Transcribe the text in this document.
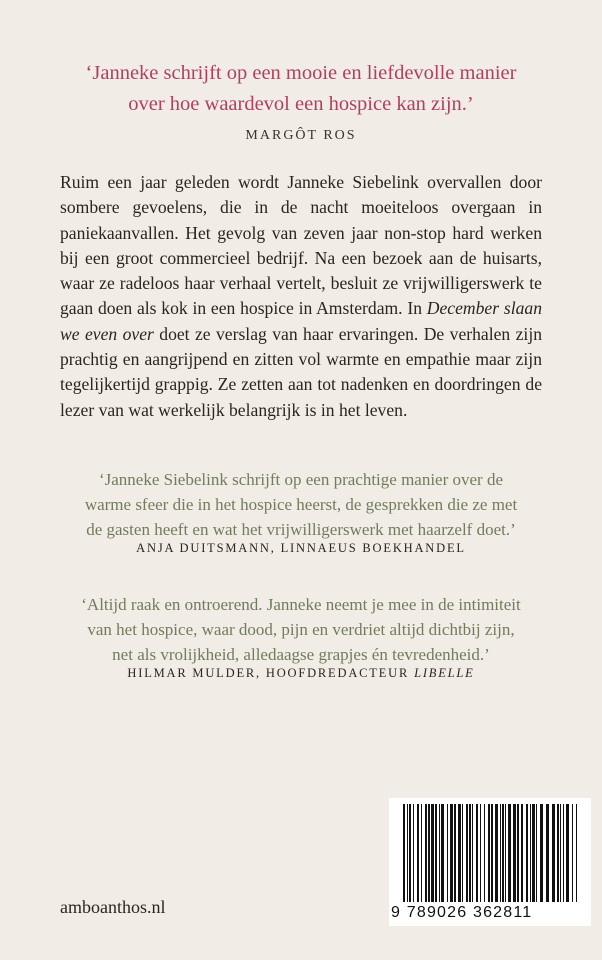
‘Janneke schrijft op een mooie en liefdevolle manier

over hoe waardevol een hospice kan zijn.’

MARGÔT ROS

Ruim een jaar geleden wordt Janneke Siebelink overvallen door sombere gevoelens, die in de nacht moeiteloos overgaan in paniekaanvallen. Het gevolg van zeven jaar non-stop hard werken bij een groot commercieel bedrijf. Na een bezoek aan de huisarts, waar ze radeloos haar verhaal vertelt, besluit ze vrijwilligerswerk te gaan doen als kok in een hospice in Amsterdam. In December slaan we even over doet ze verslag van haar ervaringen. De verhalen zijn prachtig en aangrijpend en zitten vol warmte en empathie maar zijn tegelijkertijd grappig. Ze zetten aan tot nadenken en doordringen de lezer van wat werkelijk belangrijk is in het leven.

‘Janneke Siebelink schrijft op een prachtige manier over de

warme sfeer die in het hospice heerst, de gesprekken die ze met

de gasten heeft en wat het vrijwilligerswerk met haarzelf doet.’

ANJA DUITSMANN, LINNAEUS BOEKHANDEL

‘Altijd raak en ontroerend. Janneke neemt je mee in de intimiteit

van het hospice, waar dood, pijn en verdriet altijd dichtbij zijn,

net als vrolijkheid, alledaagse grapjes én tevredenheid.’

HILMAR MULDER, HOOFDREDACTEUR LIBELLE
9 789026 362811
amboanthos.nl
